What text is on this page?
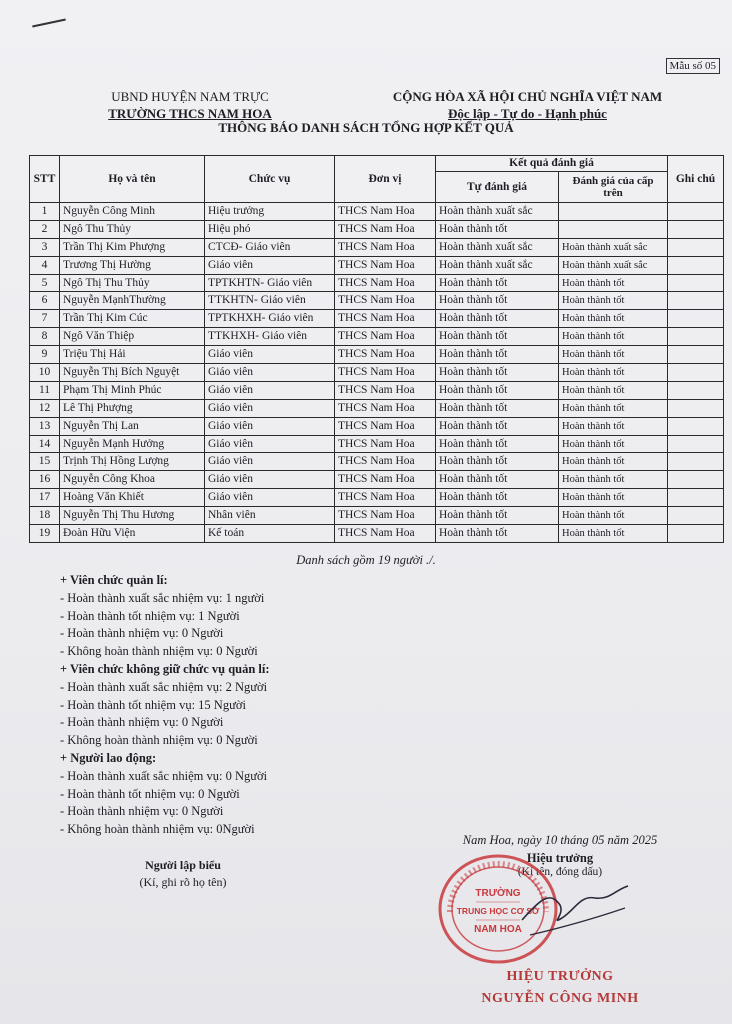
Mẫu số 05
UBND HUYỆN NAM TRỰC
TRƯỜNG THCS NAM HOA
CỘNG HÒA XÃ HỘI CHỦ NGHĨA VIỆT NAM
Độc lập - Tự do - Hạnh phúc
THÔNG BÁO DANH SÁCH TỔNG HỢP KẾT QUẢ
STT	Họ và tên	Chức vụ	Đơn vị	Kết quả đánh giá		Ghi chú
				Tự đánh giá	Đánh giá của cấp trên	
1	Nguyễn Công Minh	Hiệu trưởng	THCS Nam Hoa	Hoàn thành xuất sắc		
2	Ngô Thu Thủy	Hiệu phó	THCS Nam Hoa	Hoàn thành tốt		
3	Trần Thị Kim Phượng	CTCĐ- Giáo viên	THCS Nam Hoa	Hoàn thành xuất sắc	Hoàn thành xuất sắc	
4	Trương Thị Hường	Giáo viên	THCS Nam Hoa	Hoàn thành xuất sắc	Hoàn thành xuất sắc	
5	Ngô Thị Thu Thủy	TPTKHTN- Giáo viên	THCS Nam Hoa	Hoàn thành tốt	Hoàn thành tốt	
6	Nguyễn MạnhThường	TTKHTN- Giáo viên	THCS Nam Hoa	Hoàn thành tốt	Hoàn thành tốt	
7	Trần Thị Kim Cúc	TPTKHXH- Giáo viên	THCS Nam Hoa	Hoàn thành tốt	Hoàn thành tốt	
8	Ngô Văn Thiệp	TTKHXH- Giáo viên	THCS Nam Hoa	Hoàn thành tốt	Hoàn thành tốt	
9	Triệu Thị Hải	Giáo viên	THCS Nam Hoa	Hoàn thành tốt	Hoàn thành tốt	
10	Nguyễn Thị Bích Nguyệt	Giáo viên	THCS Nam Hoa	Hoàn thành tốt	Hoàn thành tốt	
11	Phạm Thị Minh Phúc	Giáo viên	THCS Nam Hoa	Hoàn thành tốt	Hoàn thành tốt	
12	Lê Thị Phượng	Giáo viên	THCS Nam Hoa	Hoàn thành tốt	Hoàn thành tốt	
13	Nguyễn Thị Lan	Giáo viên	THCS Nam Hoa	Hoàn thành tốt	Hoàn thành tốt	
14	Nguyễn Mạnh Hưởng	Giáo viên	THCS Nam Hoa	Hoàn thành tốt	Hoàn thành tốt	
15	Trịnh Thị Hồng Lượng	Giáo viên	THCS Nam Hoa	Hoàn thành tốt	Hoàn thành tốt	
16	Nguyễn Công Khoa	Giáo viên	THCS Nam Hoa	Hoàn thành tốt	Hoàn thành tốt	
17	Hoàng Văn Khiết	Giáo viên	THCS Nam Hoa	Hoàn thành tốt	Hoàn thành tốt	
18	Nguyễn Thị Thu Hương	Nhân viên	THCS Nam Hoa	Hoàn thành tốt	Hoàn thành tốt	
19	Đoàn Hữu Viện	Kế toán	THCS Nam Hoa	Hoàn thành tốt	Hoàn thành tốt	
Danh sách gồm 19 người ./.
+ Viên chức quản lí:
- Hoàn thành xuất sắc nhiệm vụ: 1 người
- Hoàn thành tốt nhiệm vụ: 1 Người
- Hoàn thành nhiệm vụ: 0 Người
- Không hoàn thành nhiệm vụ: 0 Người
+ Viên chức không giữ chức vụ quản lí:
- Hoàn thành xuất sắc nhiệm vụ: 2 Người
- Hoàn thành tốt nhiệm vụ: 15 Người
- Hoàn thành nhiệm vụ: 0 Người
- Không hoàn thành nhiệm vụ: 0 Người
+ Người lao động:
- Hoàn thành xuất sắc nhiệm vụ: 0 Người
- Hoàn thành tốt nhiệm vụ: 0 Người
- Hoàn thành nhiệm vụ: 0 Người
- Không hoàn thành nhiệm vụ: 0Người
Người lập biểu
(Kí, ghi rõ họ tên)
Nam Hoa, ngày 10 tháng 05 năm 2025
Hiệu trưởng
(Kí tên, đóng dấu)
TRƯỜNG
TRUNG HỌC CƠ SỞ
NAM HOA
HIỆU TRƯỞNG
NGUYỄN CÔNG MINH
